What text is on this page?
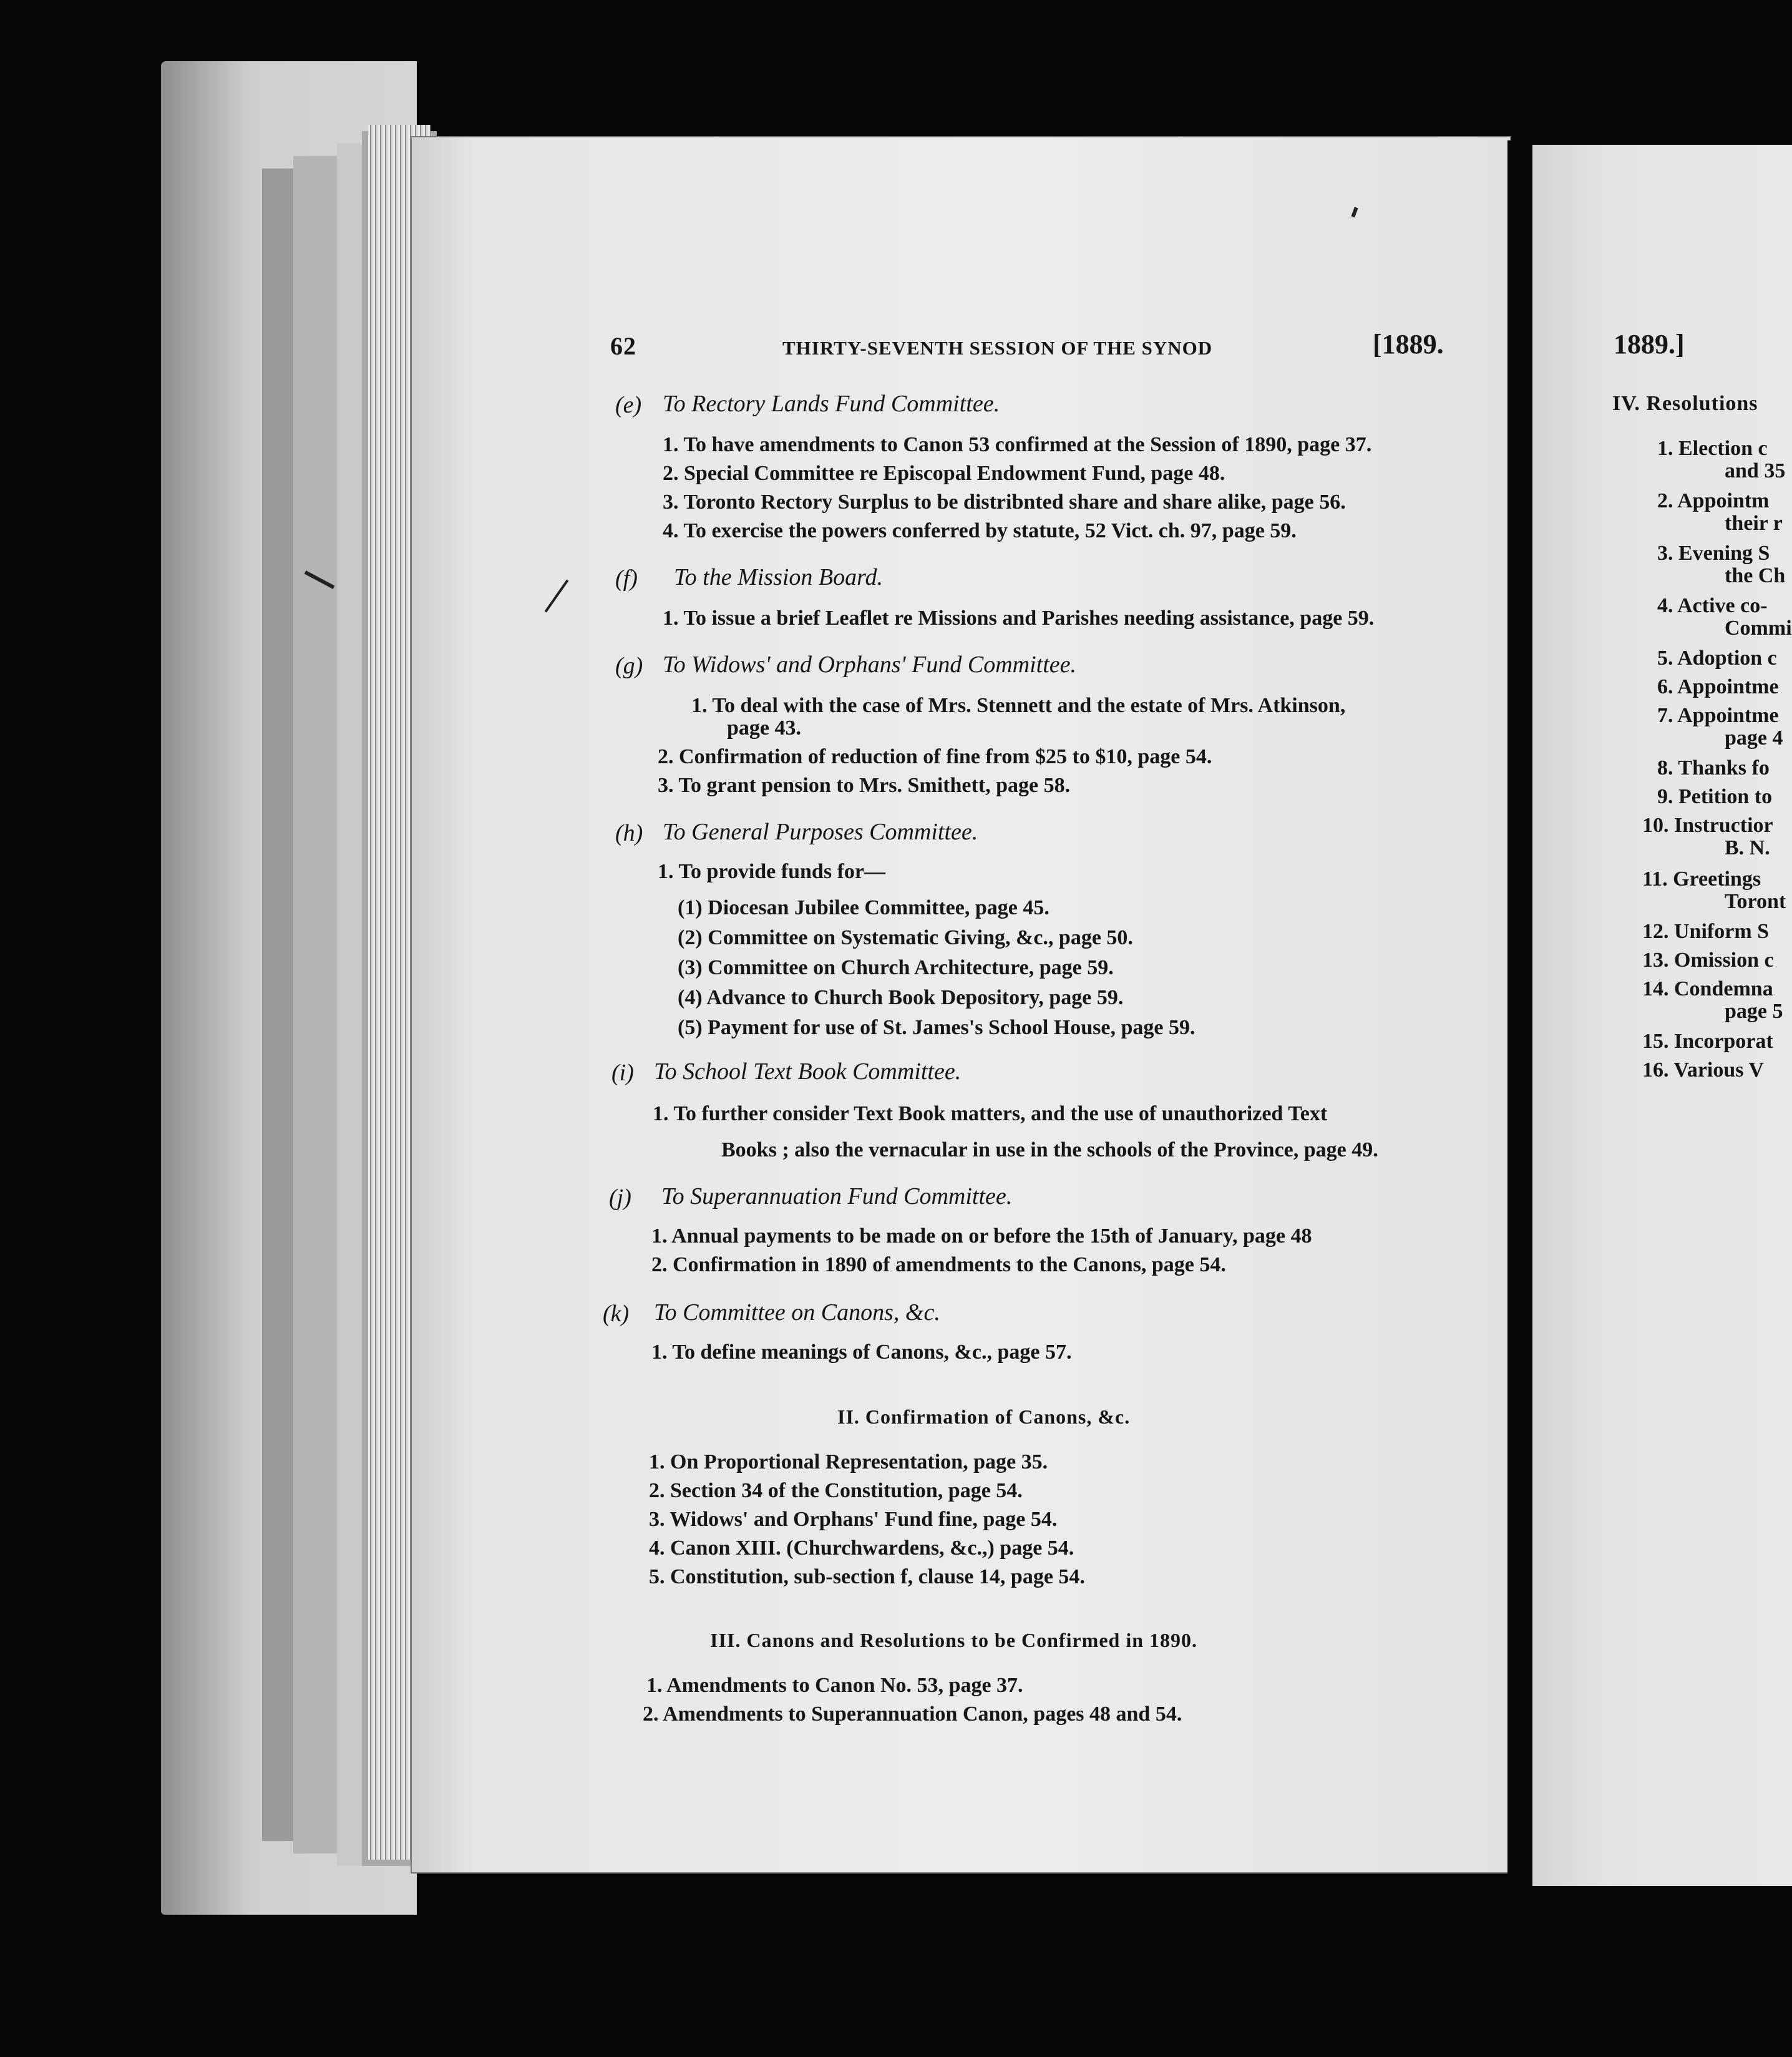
62	THIRTY-SEVENTH SESSION OF THE SYNOD	[1889.
(e) To Rectory Lands Fund Committee.
1. To have amendments to Canon 53 confirmed at the Session of 1890, page 37.
2. Special Committee re Episcopal Endowment Fund, page 48.
3. Toronto Rectory Surplus to be distribnted share and share alike, page 56.
4. To exercise the powers conferred by statute, 52 Vict. ch. 97, page 59.
(f) To the Mission Board.
1. To issue a brief Leaflet re Missions and Parishes needing assistance, page 59.
(g) To Widows' and Orphans' Fund Committee.
1. To deal with the case of Mrs. Stennett and the estate of Mrs. Atkinson,
page 43.
2. Confirmation of reduction of fine from $25 to $10, page 54.
3. To grant pension to Mrs. Smithett, page 58.
(h) To General Purposes Committee.
1. To provide funds for—
(1) Diocesan Jubilee Committee, page 45.
(2) Committee on Systematic Giving, &c., page 50.
(3) Committee on Church Architecture, page 59.
(4) Advance to Church Book Depository, page 59.
(5) Payment for use of St. James's School House, page 59.
(i) To School Text Book Committee.
1. To further consider Text Book matters, and the use of unauthorized Text
Books ; also the vernacular in use in the schools of the Province, page 49.
(j) To Superannuation Fund Committee.
1. Annual payments to be made on or before the 15th of January, page 48
2. Confirmation in 1890 of amendments to the Canons, page 54.
(k) To Committee on Canons, &c.
1. To define meanings of Canons, &c., page 57.
II. Confirmation of Canons, &c.
1. On Proportional Representation, page 35.
2. Section 34 of the Constitution, page 54.
3. Widows' and Orphans' Fund fine, page 54.
4. Canon XIII. (Churchwardens, &c.,) page 54.
5. Constitution, sub-section f, clause 14, page 54.
III. Canons and Resolutions to be Confirmed in 1890.
1. Amendments to Canon No. 53, page 37.
2. Amendments to Superannuation Canon, pages 48 and 54.
1889.]
IV. Resolutions
1. Election c
and 35
2. Appointm
their r
3. Evening S
the Ch
4. Active co-
Commi
5. Adoption c
6. Appointme
7. Appointme
page 4
8. Thanks fo
9. Petition to
10. Instructior
B. N.
11. Greetings
Toront
12. Uniform S
13. Omission c
14. Condemna
page 5
15. Incorporat
16. Various V
